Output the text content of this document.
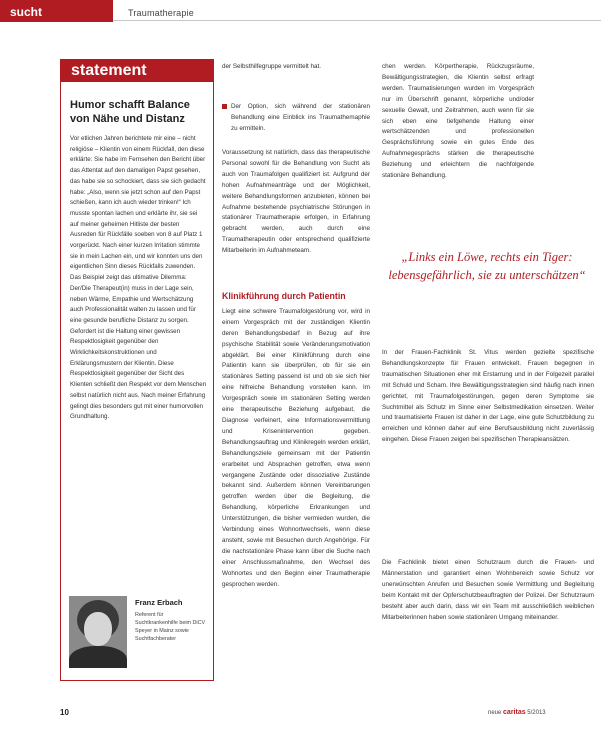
sucht	Traumatherapie
statement
Humor schafft Balance von Nähe und Distanz
Vor etlichen Jahren berichtete mir eine – nicht religiöse – Klientin von einem Rückfall, den diese erklärte: Sie habe im Fernsehen den Bericht über das Attentat auf den damaligen Papst gesehen, das habe sie so schockiert, dass sie sich gedacht habe: „Also, wenn sie jetzt schon auf den Papst schießen, kann ich auch wieder trinken!“ Ich musste spontan lachen und erklärte ihr, sie sei auf meiner geheimen Hitliste der besten Ausreden für Rückfälle soeben von 8 auf Platz 1 vorgerückt. Nach einer kurzen Irritation stimmte sie in mein Lachen ein, und wir konnten uns den eigentlichen Sinn dieses Rückfalls zuwenden. Das Beispiel zeigt das ultimative Dilemma: Der/Die Therapeut(in) muss in der Lage sein, neben Wärme, Empathie und Wertschätzung auch Professionalität walten zu lassen und für eine gesunde berufliche Distanz zu sorgen. Gefordert ist die Haltung einer gewissen Respektlosigkeit gegenüber den Wirklichkeitskonstruktionen und Erklärungsmustern der Klientin. Diese Respektlosigkeit gegenüber der Sicht des Klienten schließt den Respekt vor dem Menschen selbst natürlich nicht aus. Nach meiner Erfahrung gelingt dies besonders gut mit einer humorvollen Grundhaltung.
Franz Erbach
Referent für Suchtkrankenhilfe beim DiCV Speyer in Mainz sowie Suchtfachberater
der Selbsthilfegruppe vermittelt hat.
Der Option, sich während der stationären Behandlung eine Einblick ins Traumathemaphie zu ermitteln.
Voraussetzung ist natürlich, dass das therapeutische Personal sowohl für die Behandlung von Sucht als auch von Traumafolgen qualifiziert ist. Aufgrund der hohen Aufnahmeanträge und der Möglichkeit, weitere Behandlungsformen anzubieten, können bei Aufnahme bestehende psychiatrische Störungen in stationärer Traumatherapie erfolgen, in Erfahrung gebracht werden, auch durch eine Traumatherapeutin oder entsprechend qualifizierte Mitarbeiterin im Aufnahmeteam.
Klinikführung durch Patientin
Liegt eine schwere Traumafolgestörung vor, wird in einem Vorgespräch mit der zuständigen Klientin deren Behandlungsbedarf in Bezug auf ihre psychische Stabilität sowie Veränderungsmotivation abgeklärt. Bei einer Klinikführung durch eine Patientin kann sie überprüfen, ob für sie ein stationäres Setting passend ist und ob sie sich hier eine hilfreiche Behandlung vorstellen kann. Im Vorgespräch sowie im stationären Setting werden eine therapeutische Beziehung aufgebaut, die Diagnose verfeinert, eine Informationsvermittlung und Krisenintervention gegeben. Behandlungsauftrag und Klinikregeln werden erklärt, Behandlungsziele gemeinsam mit der Patientin erarbeitet und Absprachen getroffen, etwa wenn vergangene Zustände oder dissoziative Zustände bekannt sind. Außerdem können Vereinbarungen getroffen werden über die Begleitung, die Behandlung, körperliche Erkrankungen und Unterstützungen, die bisher vermieden wurden, die Verbindung eines Wohnortwechsels, wenn diese ansteht, sowie mit Besuchen durch Angehörige. Für die nachstationäre Phase kann über die Suche nach einer Anschlussmaßnahme, den Wechsel des Wohnortes und den Beginn einer Traumatherapie gesprochen werden.
chen werden. Körpertherapie, Rückzugsräume, Bewältigungsstrategien, die Klientin selbst erfragt werden. Traumatisierungen wurden im Vorgespräch nur im Überschrift genannt, körperliche und/oder sexuelle Gewalt, und Zeitrahmen, auch wenn für sie sich eben eine tiefgehende Haltung einer wertschätzenden und professionellen Gesprächsführung sowie ein gutes Ende des Aufnahmegesprächs stärken die therapeutische Beziehung und erleichtern die nachfolgende stationäre Behandlung.
„Links ein Löwe, rechts ein Tiger: lebensgefährlich, sie zu unterschätzen“
In der Frauen-Fachklinik St. Vitus werden gezielte spezifische Behandlungskonzepte für Frauen entwickelt. Frauen begegnen in traumatischen Situationen eher mit Erstarrung und in der Folgezeit parallel mit Schuld und Scham. Ihre Bewältigungsstrategien sind häufig nach innen gerichtet, mit Traumafolgestörungen, gegen deren Symptome sie Suchtmittel als Schutz im Sinne einer Selbstmedikation einsetzen. Weiter und traumatisierte Frauen ist daher in der Lage, eine gute Schutzbildung zu erreichen und können daher auf eine Berufsausbildung nicht zuverlässig eingehen. Diese Frauen zeigen bei spezifischen Therapieansätzen.
Die Fachklinik bietet einen Schutzraum durch die Frauen- und Männerstation und garantiert einen Wohnbereich sowie Schutz vor unerwünschten Anrufen und Besuchen sowie Vermittlung und Begleitung beim Kontakt mit der Opferschutzbeauftragten der Polizei. Der Schutzraum besteht aber auch darin, dass wir ein Team mit ausschließlich weiblichen Mitarbeiterinnen haben sowie stationären Umgang miteinander.
10	neue caritas 5/2013
